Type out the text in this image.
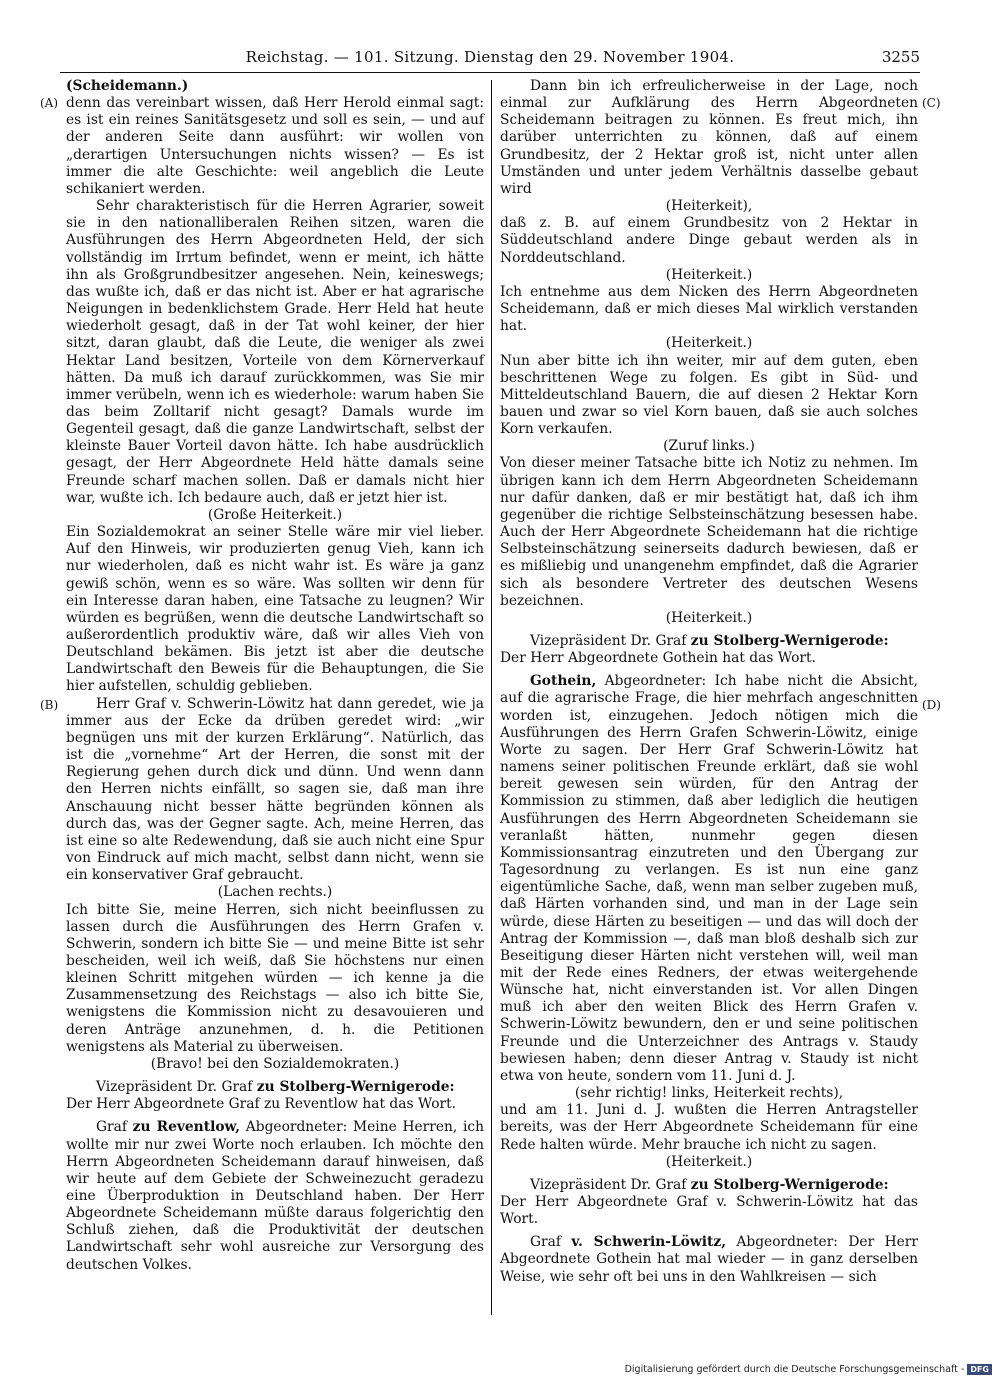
Reichstag. — 101. Sitzung. Dienstag den 29. November 1904.	3255
(A)
(B)
(C)
(D)

(Scheidemann.)

denn das vereinbart wissen, daß Herr Herold einmal sagt: es ist ein reines Sanitätsgesetz und soll es sein, — und auf der anderen Seite dann ausführt: wir wollen von „derartigen Untersuchungen nichts wissen? — Es ist immer die alte Geschichte: weil angeblich die Leute schikaniert werden.

Sehr charakteristisch für die Herren Agrarier, soweit sie in den nationalliberalen Reihen sitzen, waren die Ausführungen des Herrn Abgeordneten Held, der sich vollständig im Irrtum befindet, wenn er meint, ich hätte ihn als Großgrundbesitzer angesehen. Nein, keineswegs; das wußte ich, daß er das nicht ist. Aber er hat agrarische Neigungen in bedenklichstem Grade. Herr Held hat heute wiederholt gesagt, daß in der Tat wohl keiner, der hier sitzt, daran glaubt, daß die Leute, die weniger als zwei Hektar Land besitzen, Vorteile von dem Körnerverkauf hätten. Da muß ich darauf zurückkommen, was Sie mir immer verübeln, wenn ich es wiederhole: warum haben Sie das beim Zolltarif nicht gesagt? Damals wurde im Gegenteil gesagt, daß die ganze Landwirtschaft, selbst der kleinste Bauer Vorteil davon hätte. Ich habe ausdrücklich gesagt, der Herr Abgeordnete Held hätte damals seine Freunde scharf machen sollen. Daß er damals nicht hier war, wußte ich. Ich bedaure auch, daß er jetzt hier ist.

(Große Heiterkeit.)

Ein Sozialdemokrat an seiner Stelle wäre mir viel lieber. Auf den Hinweis, wir produzierten genug Vieh, kann ich nur wiederholen, daß es nicht wahr ist. Es wäre ja ganz gewiß schön, wenn es so wäre. Was sollten wir denn für ein Interesse daran haben, eine Tatsache zu leugnen? Wir würden es begrüßen, wenn die deutsche Landwirtschaft so außerordentlich produktiv wäre, daß wir alles Vieh von Deutschland bekämen. Bis jetzt ist aber die deutsche Landwirtschaft den Beweis für die Behauptungen, die Sie hier aufstellen, schuldig geblieben.

Herr Graf v. Schwerin-Löwitz hat dann geredet, wie ja immer aus der Ecke da drüben geredet wird: „wir begnügen uns mit der kurzen Erklärung“. Natürlich, das ist die „vornehme“ Art der Herren, die sonst mit der Regierung gehen durch dick und dünn. Und wenn dann den Herren nichts einfällt, so sagen sie, daß man ihre Anschauung nicht besser hätte begründen können als durch das, was der Gegner sagte. Ach, meine Herren, das ist eine so alte Redewendung, daß sie auch nicht eine Spur von Eindruck auf mich macht, selbst dann nicht, wenn sie ein konservativer Graf gebraucht.

(Lachen rechts.)

Ich bitte Sie, meine Herren, sich nicht beeinflussen zu lassen durch die Ausführungen des Herrn Grafen v. Schwerin, sondern ich bitte Sie — und meine Bitte ist sehr bescheiden, weil ich weiß, daß Sie höchstens nur einen kleinen Schritt mitgehen würden — ich kenne ja die Zusammensetzung des Reichstags — also ich bitte Sie, wenigstens die Kommission nicht zu desavouieren und deren Anträge anzunehmen, d. h. die Petitionen wenigstens als Material zu überweisen.

(Bravo! bei den Sozialdemokraten.)

Vizepräsident Dr. Graf zu Stolberg-Wernigerode:

Der Herr Abgeordnete Graf zu Reventlow hat das Wort.

Graf zu Reventlow, Abgeordneter: Meine Herren, ich wollte mir nur zwei Worte noch erlauben. Ich möchte den Herrn Abgeordneten Scheidemann darauf hinweisen, daß wir heute auf dem Gebiete der Schweinezucht geradezu eine Überproduktion in Deutschland haben. Der Herr Abgeordnete Scheidemann müßte daraus folgerichtig den Schluß ziehen, daß die Produktivität der deutschen Landwirtschaft sehr wohl ausreiche zur Versorgung des deutschen Volkes.

Dann bin ich erfreulicherweise in der Lage, noch einmal zur Aufklärung des Herrn Abgeordneten Scheidemann beitragen zu können. Es freut mich, ihn darüber unterrichten zu können, daß auf einem Grundbesitz, der 2 Hektar groß ist, nicht unter allen Umständen und unter jedem Verhältnis dasselbe gebaut wird

(Heiterkeit),

daß z. B. auf einem Grundbesitz von 2 Hektar in Süddeutschland andere Dinge gebaut werden als in Norddeutschland.

(Heiterkeit.)

Ich entnehme aus dem Nicken des Herrn Abgeordneten Scheidemann, daß er mich dieses Mal wirklich verstanden hat.

(Heiterkeit.)

Nun aber bitte ich ihn weiter, mir auf dem guten, eben beschrittenen Wege zu folgen. Es gibt in Süd- und Mitteldeutschland Bauern, die auf diesen 2 Hektar Korn bauen und zwar so viel Korn bauen, daß sie auch solches Korn verkaufen.

(Zuruf links.)

Von dieser meiner Tatsache bitte ich Notiz zu nehmen. Im übrigen kann ich dem Herrn Abgeordneten Scheidemann nur dafür danken, daß er mir bestätigt hat, daß ich ihm gegenüber die richtige Selbsteinschätzung besessen habe. Auch der Herr Abgeordnete Scheidemann hat die richtige Selbsteinschätzung seinerseits dadurch bewiesen, daß er es mißliebig und unangenehm empfindet, daß die Agrarier sich als besondere Vertreter des deutschen Wesens bezeichnen.

(Heiterkeit.)

Vizepräsident Dr. Graf zu Stolberg-Wernigerode:

Der Herr Abgeordnete Gothein hat das Wort.

Gothein, Abgeordneter: Ich habe nicht die Absicht, auf die agrarische Frage, die hier mehrfach angeschnitten worden ist, einzugehen. Jedoch nötigen mich die Ausführungen des Herrn Grafen Schwerin-Löwitz, einige Worte zu sagen. Der Herr Graf Schwerin-Löwitz hat namens seiner politischen Freunde erklärt, daß sie wohl bereit gewesen sein würden, für den Antrag der Kommission zu stimmen, daß aber lediglich die heutigen Ausführungen des Herrn Abgeordneten Scheidemann sie veranlaßt hätten, nunmehr gegen diesen Kommissionsantrag einzutreten und den Übergang zur Tagesordnung zu verlangen. Es ist nun eine ganz eigentümliche Sache, daß, wenn man selber zugeben muß, daß Härten vorhanden sind, und man in der Lage sein würde, diese Härten zu beseitigen — und das will doch der Antrag der Kommission —, daß man bloß deshalb sich zur Beseitigung dieser Härten nicht verstehen will, weil man mit der Rede eines Redners, der etwas weitergehende Wünsche hat, nicht einverstanden ist. Vor allen Dingen muß ich aber den weiten Blick des Herrn Grafen v. Schwerin-Löwitz bewundern, den er und seine politischen Freunde und die Unterzeichner des Antrags v. Staudy bewiesen haben; denn dieser Antrag v. Staudy ist nicht etwa von heute, sondern vom 11. Juni d. J.

(sehr richtig! links, Heiterkeit rechts),

und am 11. Juni d. J. wußten die Herren Antragsteller bereits, was der Herr Abgeordnete Scheidemann für eine Rede halten würde. Mehr brauche ich nicht zu sagen.

(Heiterkeit.)

Vizepräsident Dr. Graf zu Stolberg-Wernigerode:

Der Herr Abgeordnete Graf v. Schwerin-Löwitz hat das Wort.

Graf v. Schwerin-Löwitz, Abgeordneter: Der Herr Abgeordnete Gothein hat mal wieder — in ganz derselben Weise, wie sehr oft bei uns in den Wahlkreisen — sich

Digitalisierung gefördert durch die Deutsche Forschungsgemeinschaft - DFG
